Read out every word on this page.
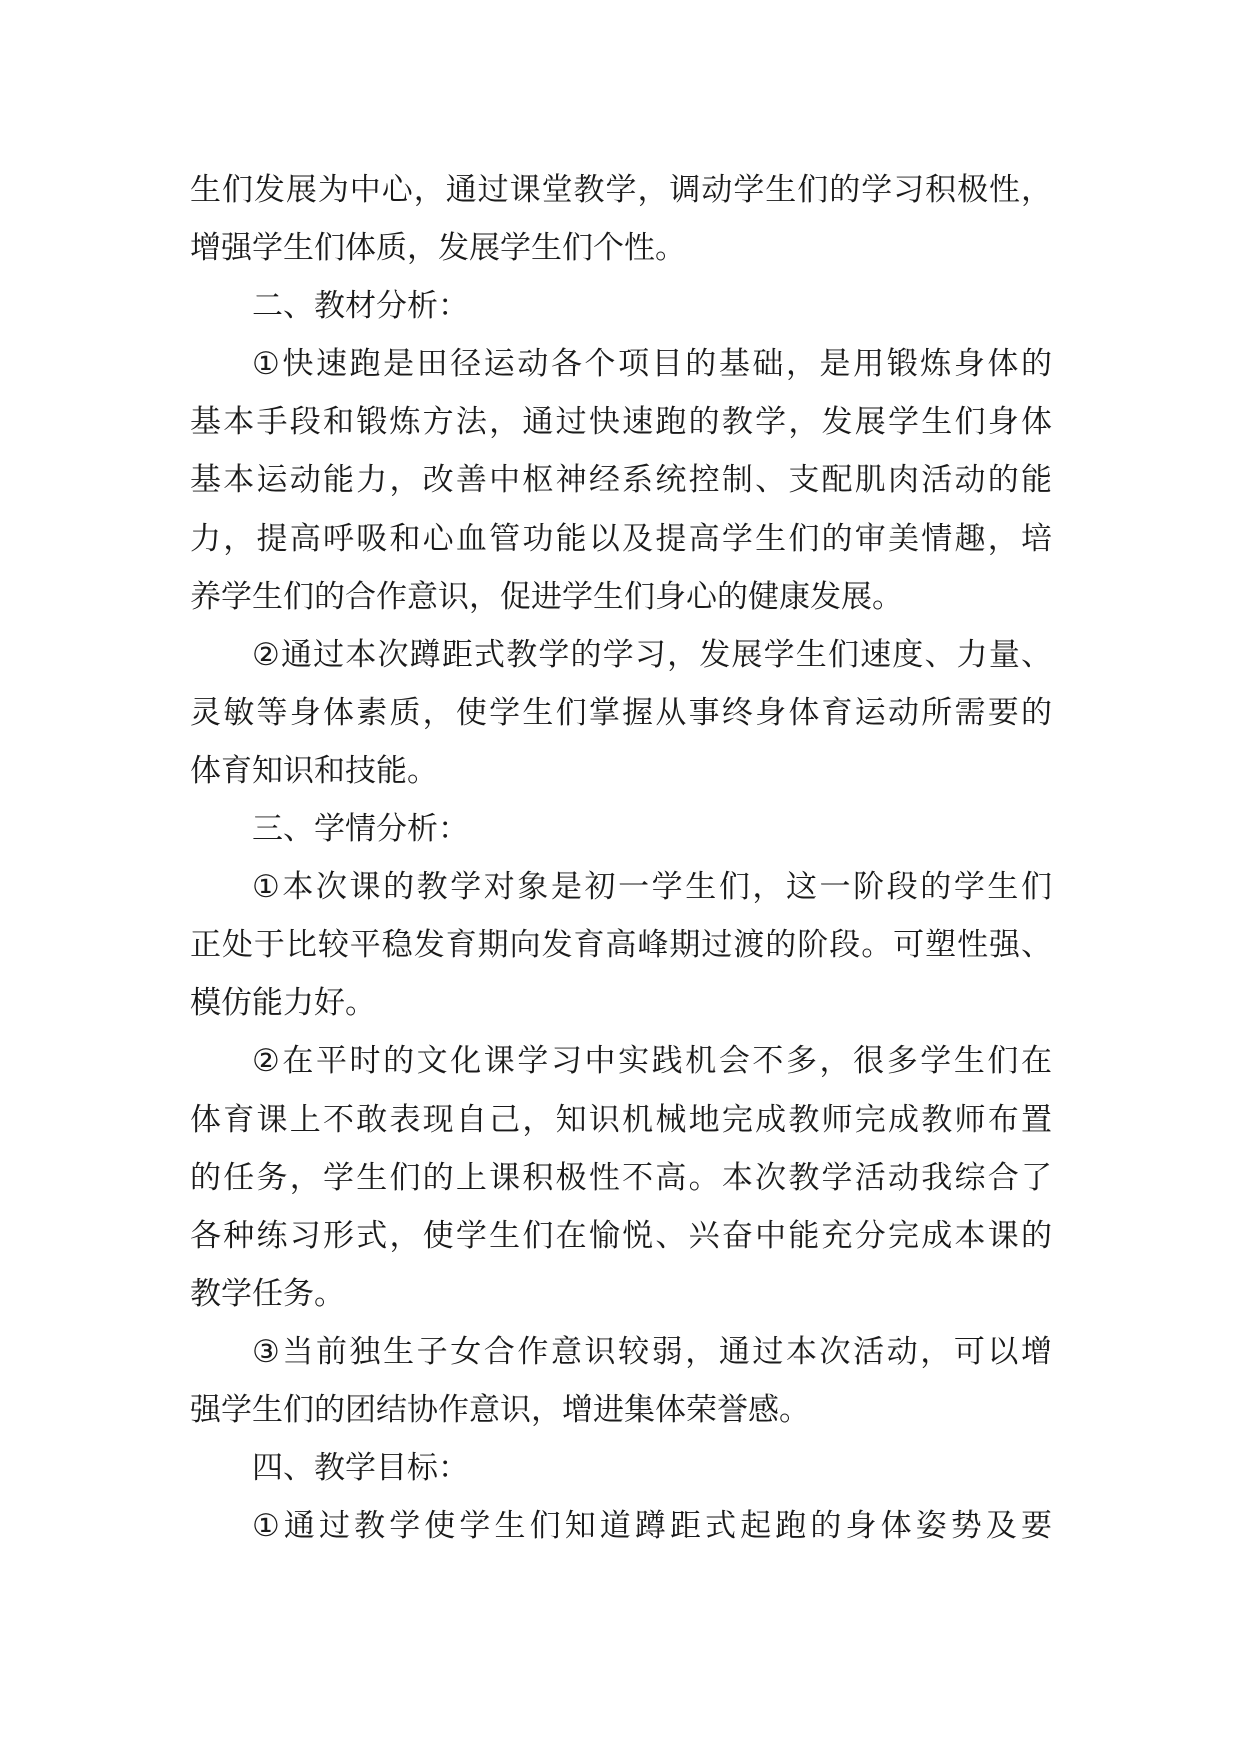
生们发展为中心，通过课堂教学，调动学生们的学习积极性，
增强学生们体质，发展学生们个性。
二、教材分析：
①快速跑是田径运动各个项目的基础，是用锻炼身体的
基本手段和锻炼方法，通过快速跑的教学，发展学生们身体
基本运动能力，改善中枢神经系统控制、支配肌肉活动的能
力，提高呼吸和心血管功能以及提高学生们的审美情趣，培
养学生们的合作意识，促进学生们身心的健康发展。
②通过本次蹲距式教学的学习，发展学生们速度、力量、
灵敏等身体素质，使学生们掌握从事终身体育运动所需要的
体育知识和技能。
三、学情分析：
①本次课的教学对象是初一学生们，这一阶段的学生们
正处于比较平稳发育期向发育高峰期过渡的阶段。可塑性强、
模仿能力好。
②在平时的文化课学习中实践机会不多，很多学生们在
体育课上不敢表现自己，知识机械地完成教师完成教师布置
的任务，学生们的上课积极性不高。本次教学活动我综合了
各种练习形式，使学生们在愉悦、兴奋中能充分完成本课的
教学任务。
③当前独生子女合作意识较弱，通过本次活动，可以增
强学生们的团结协作意识，增进集体荣誉感。
四、教学目标：
①通过教学使学生们知道蹲距式起跑的身体姿势及要
